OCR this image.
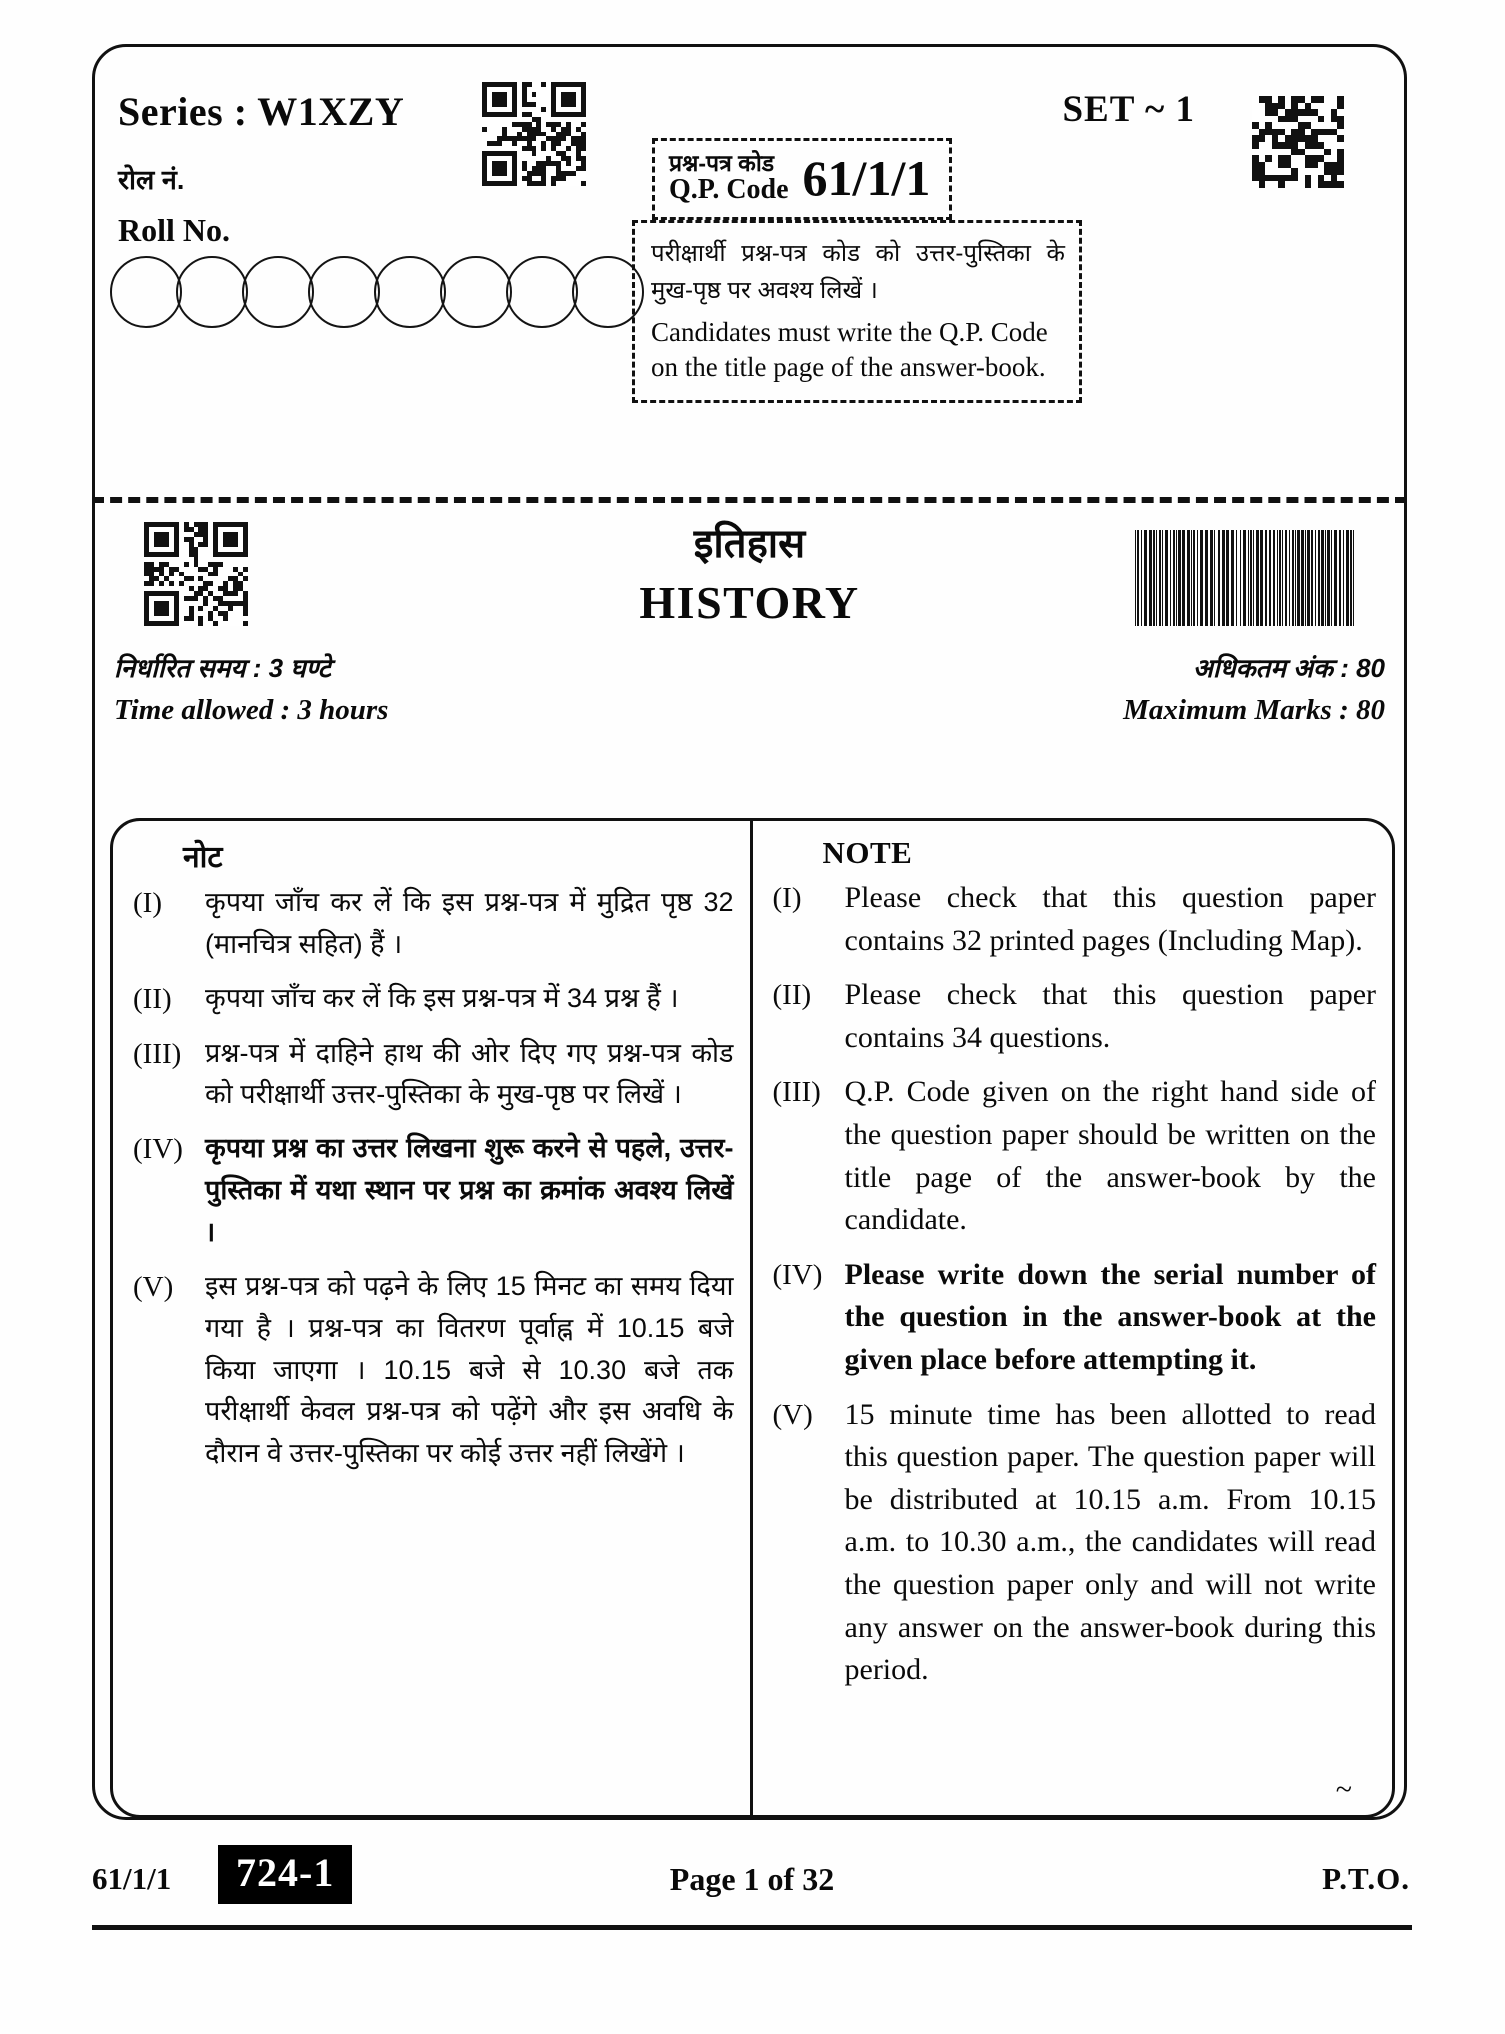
Series : W1XZY
रोल नं.
Roll No.
SET ~ 1
प्रश्न-पत्र कोड
Q.P. Code 61/1/1
परीक्षार्थी प्रश्न-पत्र कोड को उत्तर-पुस्तिका के मुख-पृष्ठ पर अवश्य लिखें ।
Candidates must write the Q.P. Code on the title page of the answer-book.
इतिहास
HISTORY
निर्धारित समय : 3 घण्टे
Time allowed : 3 hours
अधिकतम अंक : 80
Maximum Marks : 80
नोट
(I)	कृपया जाँच कर लें कि इस प्रश्न-पत्र में मुद्रित पृष्ठ 32 (मानचित्र सहित) हैं ।
(II)	कृपया जाँच कर लें कि इस प्रश्न-पत्र में 34 प्रश्न हैं ।
(III) प्रश्न-पत्र में दाहिने हाथ की ओर दिए गए प्रश्न-पत्र कोड को परीक्षार्थी उत्तर-पुस्तिका के मुख-पृष्ठ पर लिखें ।
(IV) कृपया प्रश्न का उत्तर लिखना शुरू करने से पहले, उत्तर-पुस्तिका में यथा स्थान पर प्रश्न का क्रमांक अवश्य लिखें ।
(V)	इस प्रश्न-पत्र को पढ़ने के लिए 15 मिनट का समय दिया गया है । प्रश्न-पत्र का वितरण पूर्वाह्न में 10.15 बजे किया जाएगा । 10.15 बजे से 10.30 बजे तक परीक्षार्थी केवल प्रश्न-पत्र को पढ़ेंगे और इस अवधि के दौरान वे उत्तर-पुस्तिका पर कोई उत्तर नहीं लिखेंगे ।
NOTE
(I)	Please check that this question paper contains 32 printed pages (Including Map).
(II)	Please check that this question paper contains 34 questions.
(III) Q.P. Code given on the right hand side of the question paper should be written on the title page of the answer-book by the candidate.
(IV) Please write down the serial number of the question in the answer-book at the given place before attempting it.
(V)	15 minute time has been allotted to read this question paper. The question paper will be distributed at 10.15 a.m. From 10.15 a.m. to 10.30 a.m., the candidates will read the question paper only and will not write any answer on the answer-book during this period.
~
61/1/1	724-1	Page 1 of 32	P.T.O.
